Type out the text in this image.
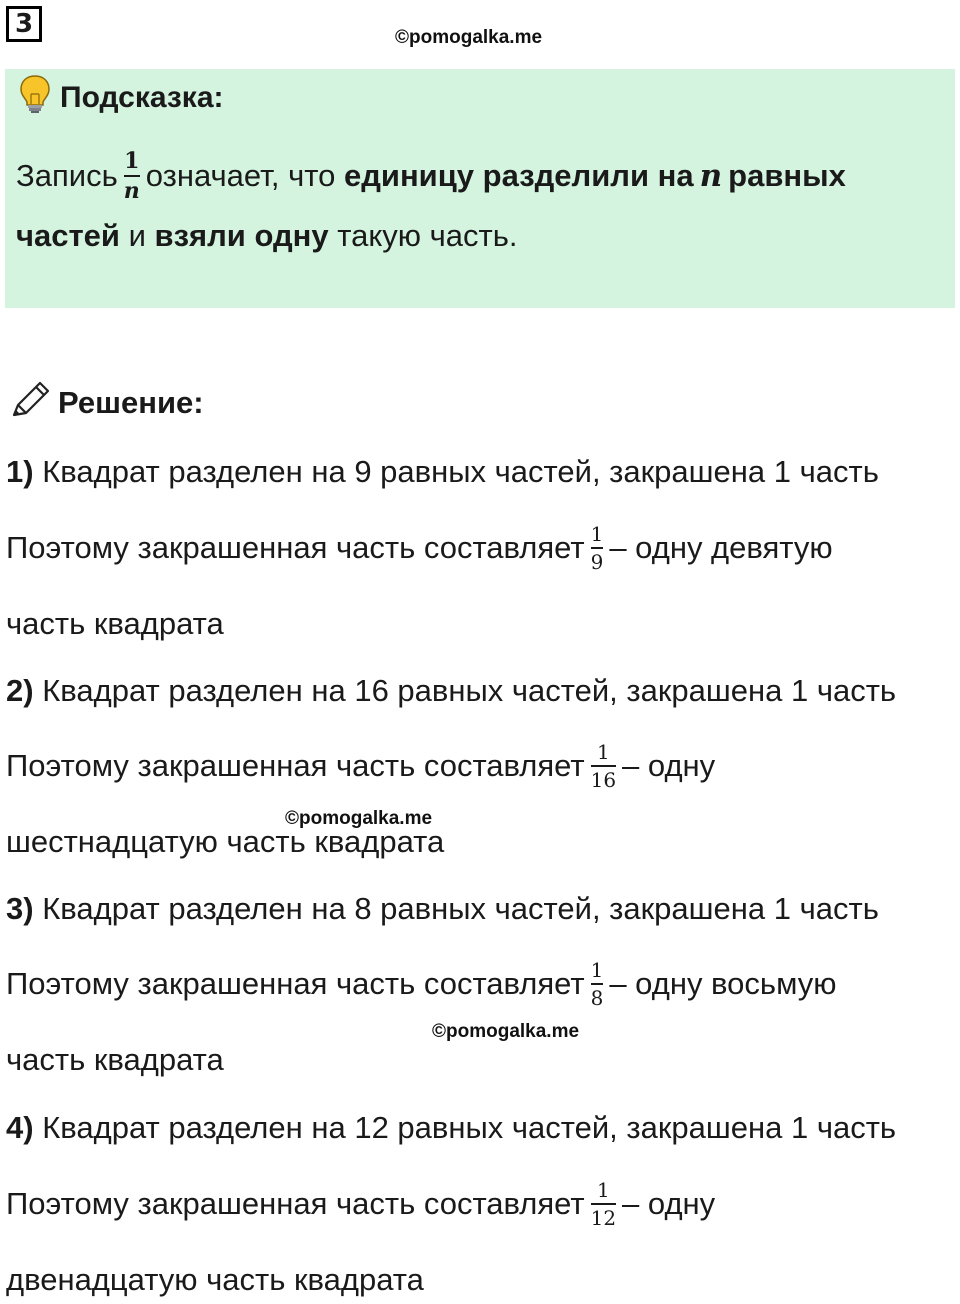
3	©pomogalka.me
©pomogalka.me
©pomogalka.me
Подсказка:
Запись $\frac{1}{n}$ означает, что
единицу разделили на n равных
частей
и
взяли одну
такую часть.
Решение:
1)
Квадрат разделен на 9 равных частей, закрашена 1 часть
Поэтому закрашенная часть составляет $\frac{1}{9}$ – одну девятую
часть квадрата
2)
Квадрат разделен на 16 равных частей, закрашена 1 часть
Поэтому закрашенная часть составляет $\frac{1}{16}$ – одну
шестнадцатую часть квадрата
3)
Квадрат разделен на 8 равных частей, закрашена 1 часть
Поэтому закрашенная часть составляет $\frac{1}{8}$ – одну восьмую
часть квадрата
4)
Квадрат разделен на 12 равных частей, закрашена 1 часть
Поэтому закрашенная часть составляет $\frac{1}{12}$ – одну
двенадцатую часть квадрата
